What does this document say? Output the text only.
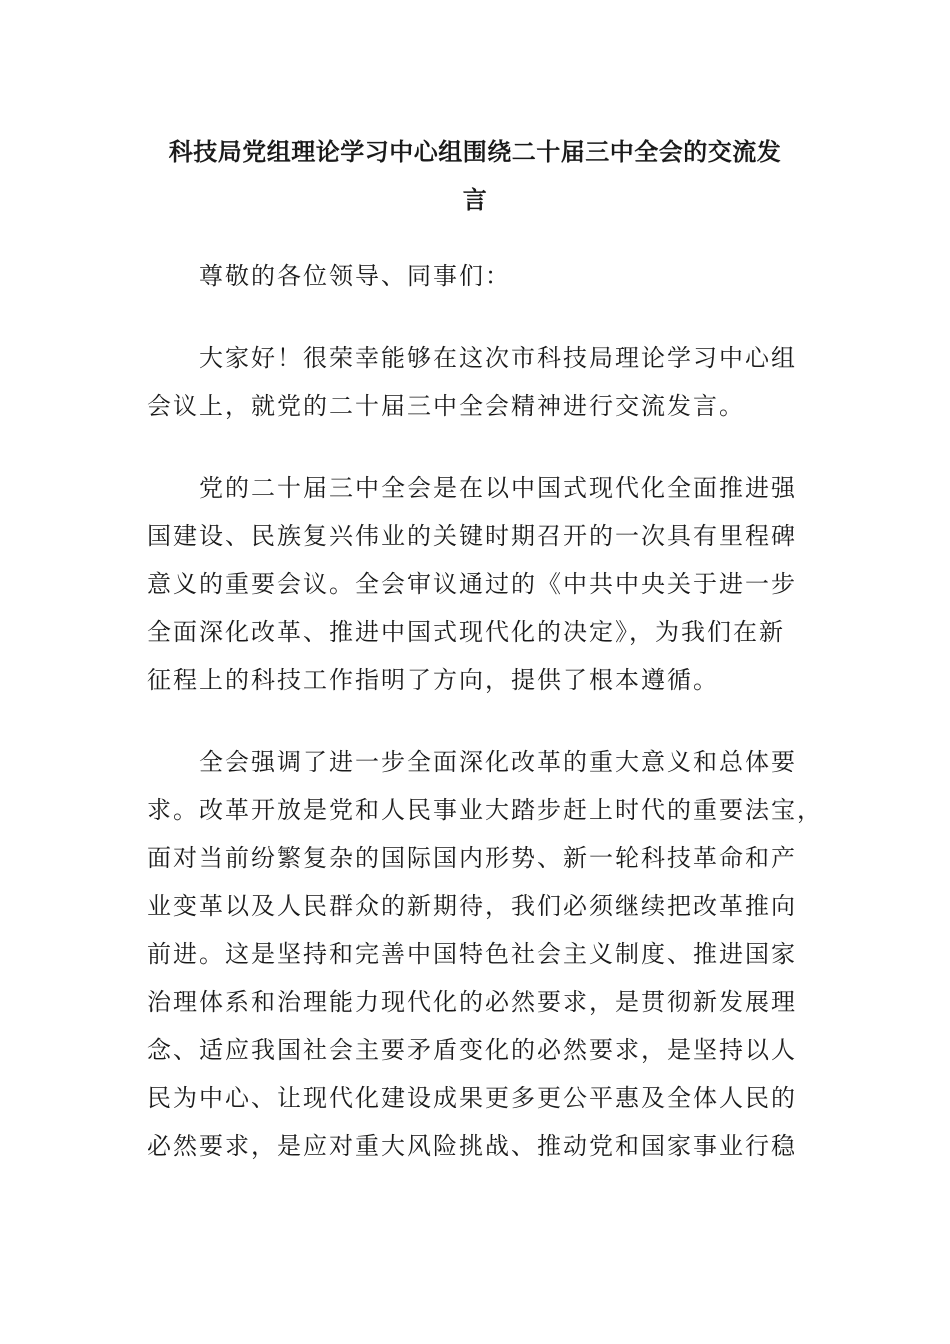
科技局党组理论学习中心组围绕二十届三中全会的交流发
言

尊敬的各位领导、同事们：

大家好！很荣幸能够在这次市科技局理论学习中心组
会议上，就党的二十届三中全会精神进行交流发言。

党的二十届三中全会是在以中国式现代化全面推进强
国建设、民族复兴伟业的关键时期召开的一次具有里程碑
意义的重要会议。全会审议通过的《中共中央关于进一步
全面深化改革、推进中国式现代化的决定》，为我们在新
征程上的科技工作指明了方向，提供了根本遵循。

全会强调了进一步全面深化改革的重大意义和总体要
求。改革开放是党和人民事业大踏步赶上时代的重要法宝，
面对当前纷繁复杂的国际国内形势、新一轮科技革命和产
业变革以及人民群众的新期待，我们必须继续把改革推向
前进。这是坚持和完善中国特色社会主义制度、推进国家
治理体系和治理能力现代化的必然要求，是贯彻新发展理
念、适应我国社会主要矛盾变化的必然要求，是坚持以人
民为中心、让现代化建设成果更多更公平惠及全体人民的
必然要求，是应对重大风险挑战、推动党和国家事业行稳
